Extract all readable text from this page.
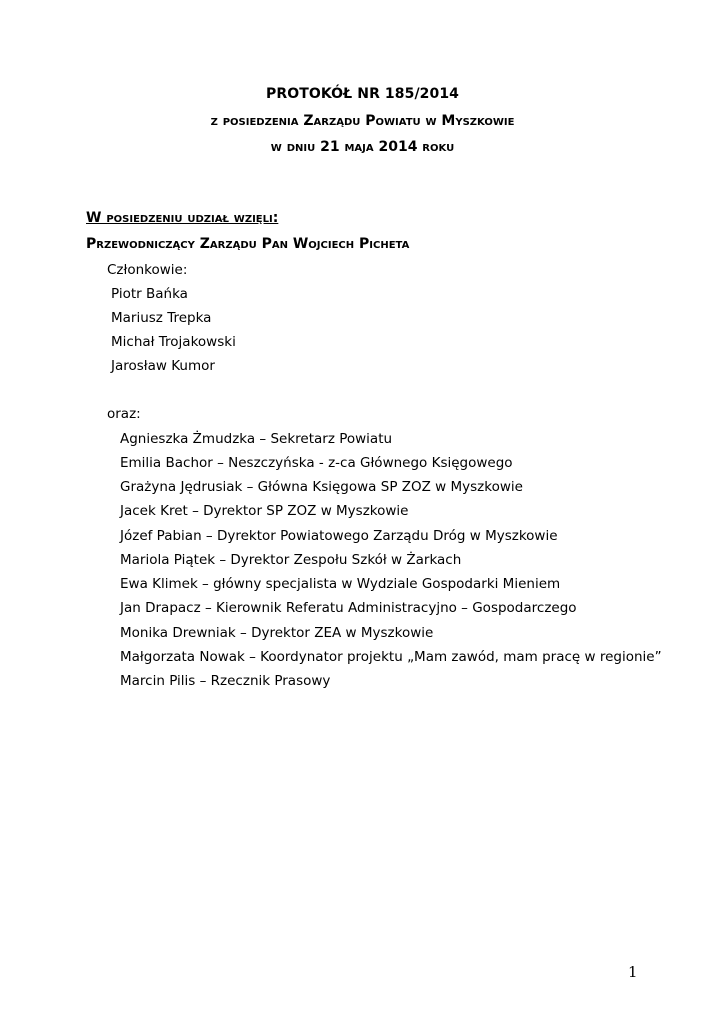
PROTOKÓŁ NR 185/2014
z posiedzenia Zarządu Powiatu w Myszkowie
w dniu 21 maja 2014 roku
W posiedzeniu udział wzięli:
Przewodniczący Zarządu Pan Wojciech Picheta
Członkowie:
Piotr Bańka
Mariusz Trepka
Michał Trojakowski
Jarosław Kumor
oraz:
Agnieszka Żmudzka – Sekretarz Powiatu
Emilia Bachor – Neszczyńska - z-ca Głównego Księgowego
Grażyna Jędrusiak – Główna Księgowa SP ZOZ w Myszkowie
Jacek Kret – Dyrektor SP ZOZ w Myszkowie
Józef Pabian – Dyrektor Powiatowego Zarządu Dróg w Myszkowie
Mariola Piątek – Dyrektor Zespołu Szkół w Żarkach
Ewa Klimek – główny specjalista w Wydziale Gospodarki Mieniem
Jan Drapacz – Kierownik Referatu Administracyjno – Gospodarczego
Monika Drewniak – Dyrektor ZEA w Myszkowie
Małgorzata Nowak – Koordynator projektu „Mam zawód, mam pracę w regionie”
Marcin Pilis – Rzecznik Prasowy
1
